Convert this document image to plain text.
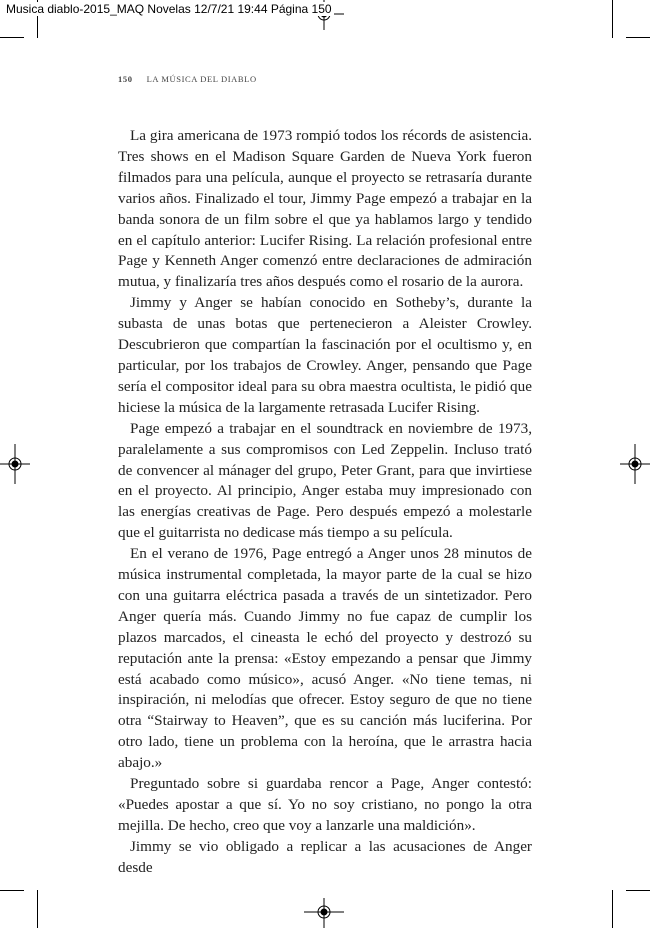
Musica diablo-2015_MAQ Novelas 12/7/21 19:44 Página 150
150 LA MÚSICA DEL DIABLO

La gira americana de 1973 rompió todos los récords de asistencia. Tres shows en el Madison Square Garden de Nueva York fueron filmados para una película, aunque el proyecto se retrasaría durante varios años. Finalizado el tour, Jimmy Page empezó a trabajar en la banda sonora de un film sobre el que ya hablamos largo y tendido en el capítulo anterior: Lucifer Rising. La relación profesional entre Page y Kenneth Anger comenzó entre declaraciones de admiración mutua, y finalizaría tres años después como el rosario de la aurora.

Jimmy y Anger se habían conocido en Sotheby’s, durante la subasta de unas botas que pertenecieron a Aleister Crowley. Descubrieron que compartían la fascinación por el ocultismo y, en particular, por los trabajos de Crowley. Anger, pensando que Page sería el compositor ideal para su obra maestra ocultista, le pidió que hiciese la música de la largamente retrasada Lucifer Rising.

Page empezó a trabajar en el soundtrack en noviembre de 1973, paralelamente a sus compromisos con Led Zeppelin. Incluso trató de convencer al mánager del grupo, Peter Grant, para que invirtiese en el proyecto. Al principio, Anger estaba muy impresionado con las energías creativas de Page. Pero después empezó a molestarle que el guitarrista no dedicase más tiempo a su película.

En el verano de 1976, Page entregó a Anger unos 28 minutos de música instrumental completada, la mayor parte de la cual se hizo con una guitarra eléctrica pasada a través de un sintetizador. Pero Anger quería más. Cuando Jimmy no fue capaz de cumplir los plazos marcados, el cineasta le echó del proyecto y destrozó su reputación ante la prensa: «Estoy empezando a pensar que Jimmy está acabado como músico», acusó Anger. «No tiene temas, ni inspiración, ni melodías que ofrecer. Estoy seguro de que no tiene otra “Stairway to Heaven”, que es su canción más luciferina. Por otro lado, tiene un problema con la heroína, que le arrastra hacia abajo.»

Preguntado sobre si guardaba rencor a Page, Anger contestó: «Puedes apostar a que sí. Yo no soy cristiano, no pongo la otra mejilla. De hecho, creo que voy a lanzarle una maldición».

Jimmy se vio obligado a replicar a las acusaciones de Anger desde
